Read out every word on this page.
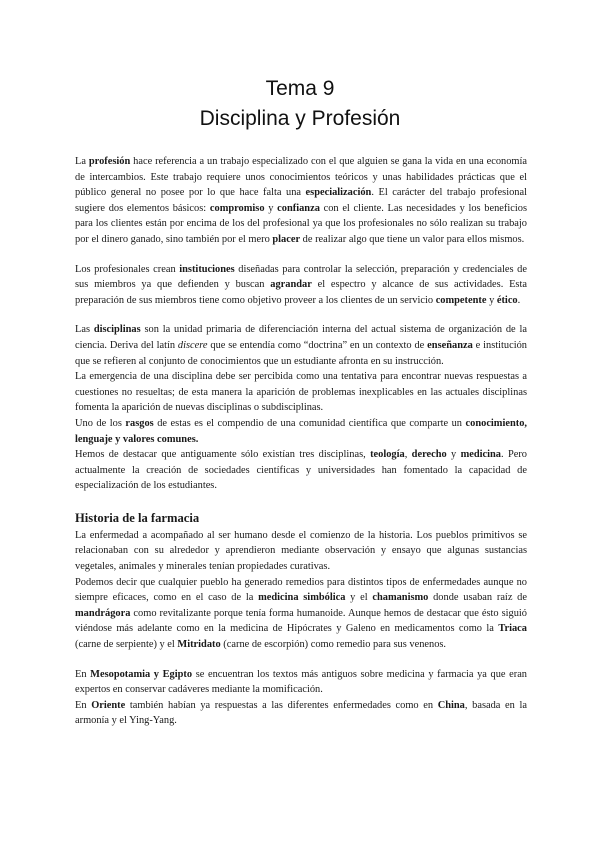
Tema 9
Disciplina y Profesión

La profesión hace referencia a un trabajo especializado con el que alguien se gana la vida en una economía de intercambios. Este trabajo requiere unos conocimientos teóricos y unas habilidades prácticas que el público general no posee por lo que hace falta una especialización. El carácter del trabajo profesional sugiere dos elementos básicos: compromiso y confianza con el cliente. Las necesidades y los beneficios para los clientes están por encima de los del profesional ya que los profesionales no sólo realizan su trabajo por el dinero ganado, sino también por el mero placer de realizar algo que tiene un valor para ellos mismos.

Los profesionales crean instituciones diseñadas para controlar la selección, preparación y credenciales de sus miembros ya que defienden y buscan agrandar el espectro y alcance de sus actividades. Esta preparación de sus miembros tiene como objetivo proveer a los clientes de un servicio competente y ético.

Las disciplinas son la unidad primaria de diferenciación interna del actual sistema de organización de la ciencia. Deriva del latín discere que se entendía como “doctrina” en un contexto de enseñanza e institución que se refieren al conjunto de conocimientos que un estudiante afronta en su instrucción.

La emergencia de una disciplina debe ser percibida como una tentativa para encontrar nuevas respuestas a cuestiones no resueltas; de esta manera la aparición de problemas inexplicables en las actuales disciplinas fomenta la aparición de nuevas disciplinas o subdisciplinas.

Uno de los rasgos de estas es el compendio de una comunidad científica que comparte un conocimiento, lenguaje y valores comunes.

Hemos de destacar que antiguamente sólo existían tres disciplinas, teología, derecho y medicina. Pero actualmente la creación de sociedades científicas y universidades han fomentado la capacidad de especialización de los estudiantes.

Historia de la farmacia

La enfermedad a acompañado al ser humano desde el comienzo de la historia. Los pueblos primitivos se relacionaban con su alrededor y aprendieron mediante observación y ensayo que algunas sustancias vegetales, animales y minerales tenían propiedades curativas.

Podemos decir que cualquier pueblo ha generado remedios para distintos tipos de enfermedades aunque no siempre eficaces, como en el caso de la medicina simbólica y el chamanismo donde usaban raíz de mandrágora como revitalizante porque tenía forma humanoide. Aunque hemos de destacar que ésto siguió viéndose más adelante como en la medicina de Hipócrates y Galeno en medicamentos como la Triaca (carne de serpiente) y el Mitridato (carne de escorpión) como remedio para sus venenos.

En Mesopotamia y Egipto se encuentran los textos más antiguos sobre medicina y farmacia ya que eran expertos en conservar cadáveres mediante la momificación.

En Oriente también habían ya respuestas a las diferentes enfermedades como en China, basada en la armonía y el Ying-Yang.
